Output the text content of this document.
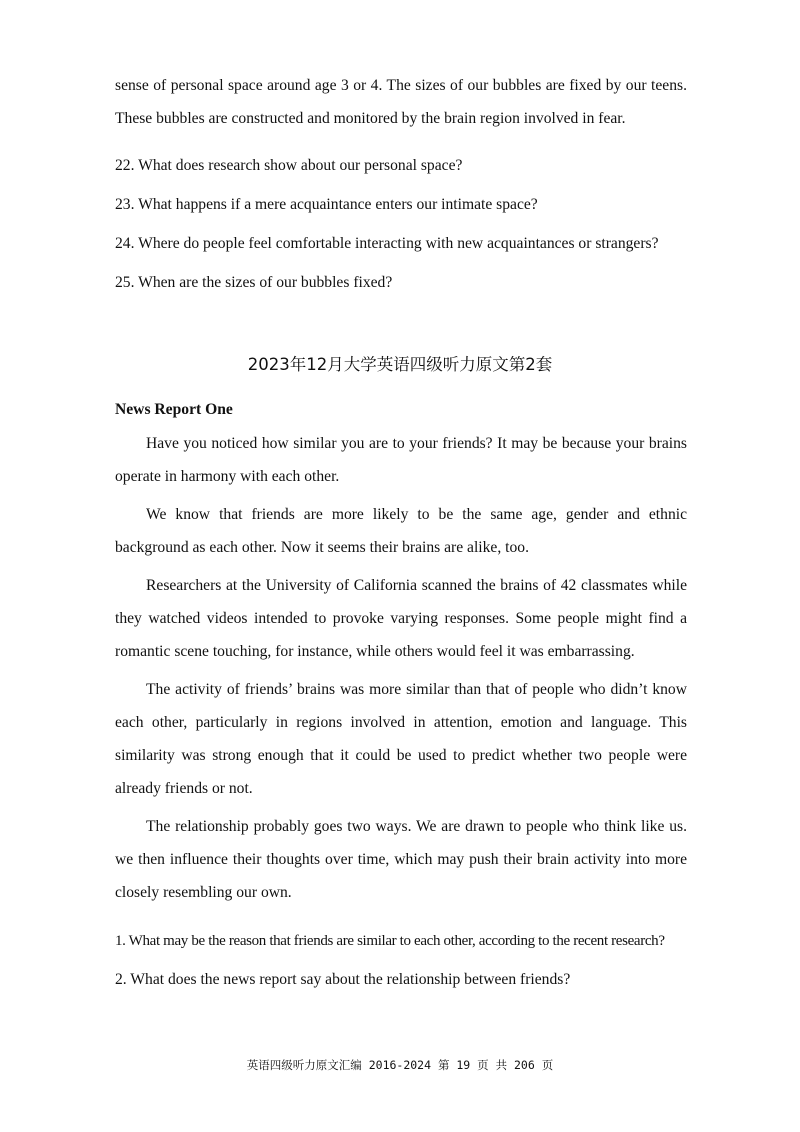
sense of personal space around age 3 or 4. The sizes of our bubbles are fixed by our teens.
These bubbles are constructed and monitored by the brain region involved in fear.
22. What does research show about our personal space?
23. What happens if a mere acquaintance enters our intimate space?
24. Where do people feel comfortable interacting with new acquaintances or strangers?
25. When are the sizes of our bubbles fixed?
2023年12月大学英语四级听力原文第2套
News Report One
Have you noticed how similar you are to your friends? It may be because your brains
operate in harmony with each other.
We know that friends are more likely to be the same age, gender and ethnic
background as each other. Now it seems their brains are alike, too.
Researchers at the University of California scanned the brains of 42 classmates while
they watched videos intended to provoke varying responses. Some people might find a
romantic scene touching, for instance, while others would feel it was embarrassing.
The activity of friends’ brains was more similar than that of people who didn’t know
each other, particularly in regions involved in attention, emotion and language. This
similarity was strong enough that it could be used to predict whether two people were
already friends or not.
The relationship probably goes two ways. We are drawn to people who think like us.
we then influence their thoughts over time, which may push their brain activity into more
closely resembling our own.
1. What may be the reason that friends are similar to each other, according to the recent research?
2. What does the news report say about the relationship between friends?
英语四级听力原文汇编 2016-2024 第 19 页 共 206 页
